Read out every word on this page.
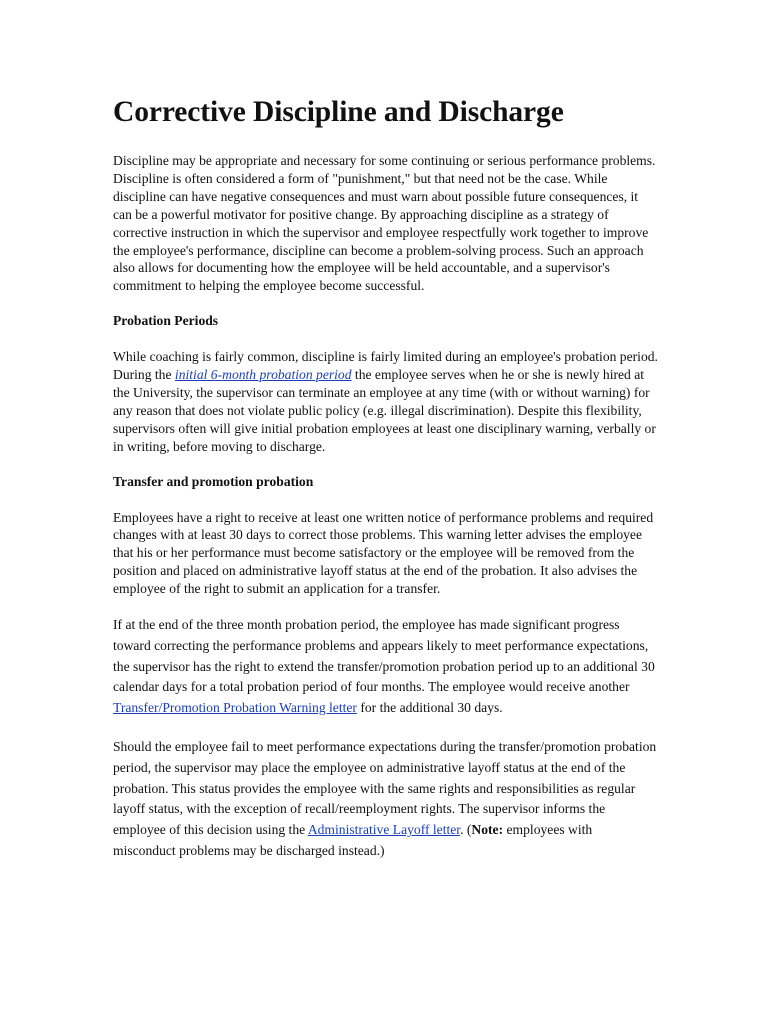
Corrective Discipline and Discharge

Discipline may be appropriate and necessary for some continuing or serious performance problems. Discipline is often considered a form of "punishment," but that need not be the case. While discipline can have negative consequences and must warn about possible future consequences, it can be a powerful motivator for positive change. By approaching discipline as a strategy of corrective instruction in which the supervisor and employee respectfully work together to improve the employee's performance, discipline can become a problem-solving process. Such an approach also allows for documenting how the employee will be held accountable, and a supervisor's commitment to helping the employee become successful.

Probation Periods

While coaching is fairly common, discipline is fairly limited during an employee's probation period. During the initial 6-month probation period the employee serves when he or she is newly hired at the University, the supervisor can terminate an employee at any time (with or without warning) for any reason that does not violate public policy (e.g. illegal discrimination). Despite this flexibility, supervisors often will give initial probation employees at least one disciplinary warning, verbally or in writing, before moving to discharge.

Transfer and promotion probation

Employees have a right to receive at least one written notice of performance problems and required changes with at least 30 days to correct those problems. This warning letter advises the employee that his or her performance must become satisfactory or the employee will be removed from the position and placed on administrative layoff status at the end of the probation. It also advises the employee of the right to submit an application for a transfer.

If at the end of the three month probation period, the employee has made significant progress toward correcting the performance problems and appears likely to meet performance expectations, the supervisor has the right to extend the transfer/promotion probation period up to an additional 30 calendar days for a total probation period of four months. The employee would receive another Transfer/Promotion Probation Warning letter for the additional 30 days.

Should the employee fail to meet performance expectations during the transfer/promotion probation period, the supervisor may place the employee on administrative layoff status at the end of the probation. This status provides the employee with the same rights and responsibilities as regular layoff status, with the exception of recall/reemployment rights. The supervisor informs the employee of this decision using the Administrative Layoff letter. (Note: employees with misconduct problems may be discharged instead.)
